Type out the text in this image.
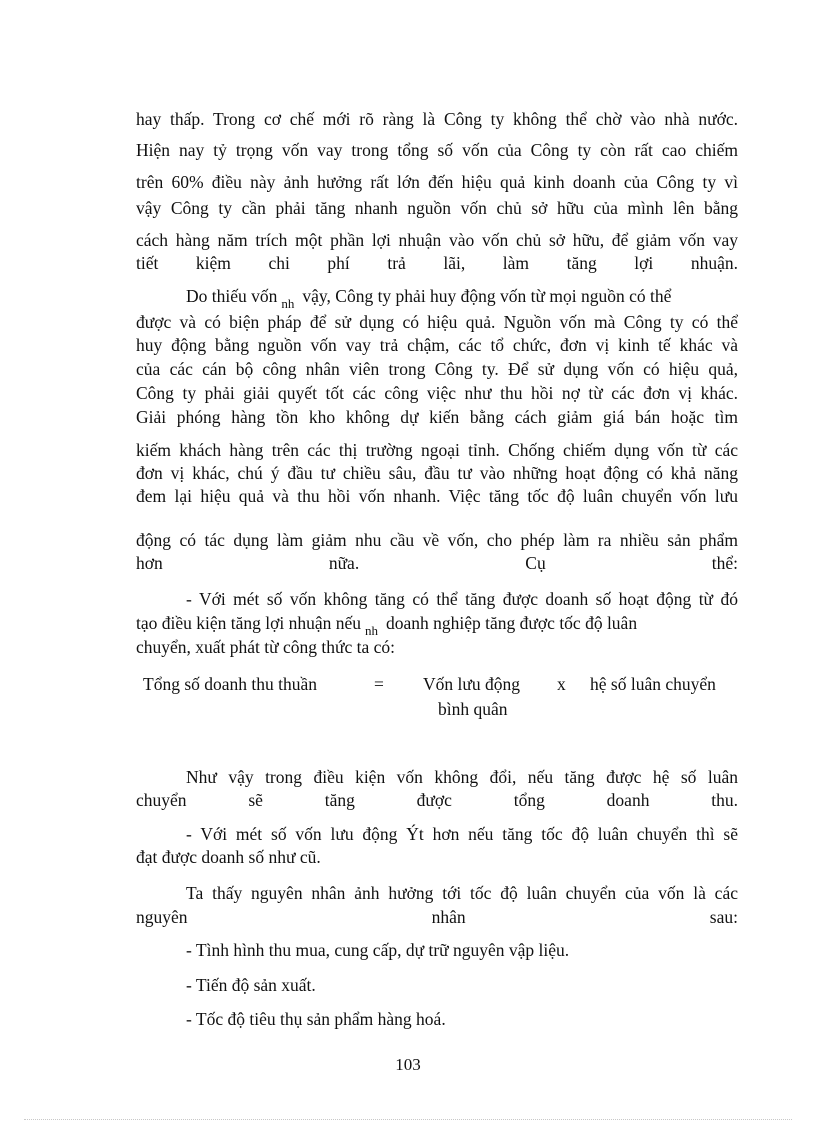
hay thấp. Trong cơ chế mới rõ ràng là Công ty không thể chờ vào nhà nước.
Hiện nay tỷ trọng vốn vay trong tổng số vốn của Công ty còn rất cao chiếm
trên 60% điều này ảnh hưởng rất lớn đến hiệu quả kinh doanh của Công ty vì
vậy Công ty cần phải tăng nhanh nguồn vốn chủ sở hữu của mình lên bằng
cách hàng năm trích một phần lợi nhuận vào vốn chủ sở hữu, để giảm vốn vay
tiết kiệm chi phí trả lãi, làm tăng lợi nhuận.
Do thiếu vốn $_{nh}$ vậy, Công ty phải huy động vốn từ mọi nguồn có thể
được và có biện pháp để sử dụng có hiệu quả. Nguồn vốn mà Công ty có thể
huy động bằng nguồn vốn vay trả chậm, các tổ chức, đơn vị kinh tế khác và
của các cán bộ công nhân viên trong Công ty. Để sử dụng vốn có hiệu quả,
Công ty phải giải quyết tốt các công việc như thu hồi nợ từ các đơn vị khác.
Giải phóng hàng tồn kho không dự kiến bằng cách giảm giá bán hoặc tìm
kiếm khách hàng trên các thị trường ngoại tỉnh. Chống chiếm dụng vốn từ các
đơn vị khác, chú ý đầu tư chiều sâu, đầu tư vào những hoạt động có khả năng
đem lại hiệu quả và thu hồi vốn nhanh. Việc tăng tốc độ luân chuyển vốn lưu
động có tác dụng làm giảm nhu cầu về vốn, cho phép làm ra nhiều sản phẩm
hơn nữa. Cụ thể:
- Với mét số vốn không tăng có thể tăng được doanh số hoạt động từ đó
tạo điều kiện tăng lợi nhuận nếu $_{nh}$ doanh nghiệp tăng được tốc độ luân
chuyển, xuất phát từ công thức ta có:
Tổng số doanh thu thuần	= Vốn lưu động
bình quân
x hệ số luân chuyển
Như vậy trong điều kiện vốn không đổi, nếu tăng được hệ số luân
chuyển sẽ tăng được tổng doanh thu.
- Với mét số vốn lưu động Ýt hơn nếu tăng tốc độ luân chuyển thì sẽ
đạt được doanh số như cũ.
Ta thấy nguyên nhân ảnh hưởng tới tốc độ luân chuyển của vốn là các
nguyên nhân sau:
- Tình hình thu mua, cung cấp, dự trữ nguyên vập liệu.
- Tiến độ sản xuất.
- Tốc độ tiêu thụ sản phẩm hàng hoá.
103
